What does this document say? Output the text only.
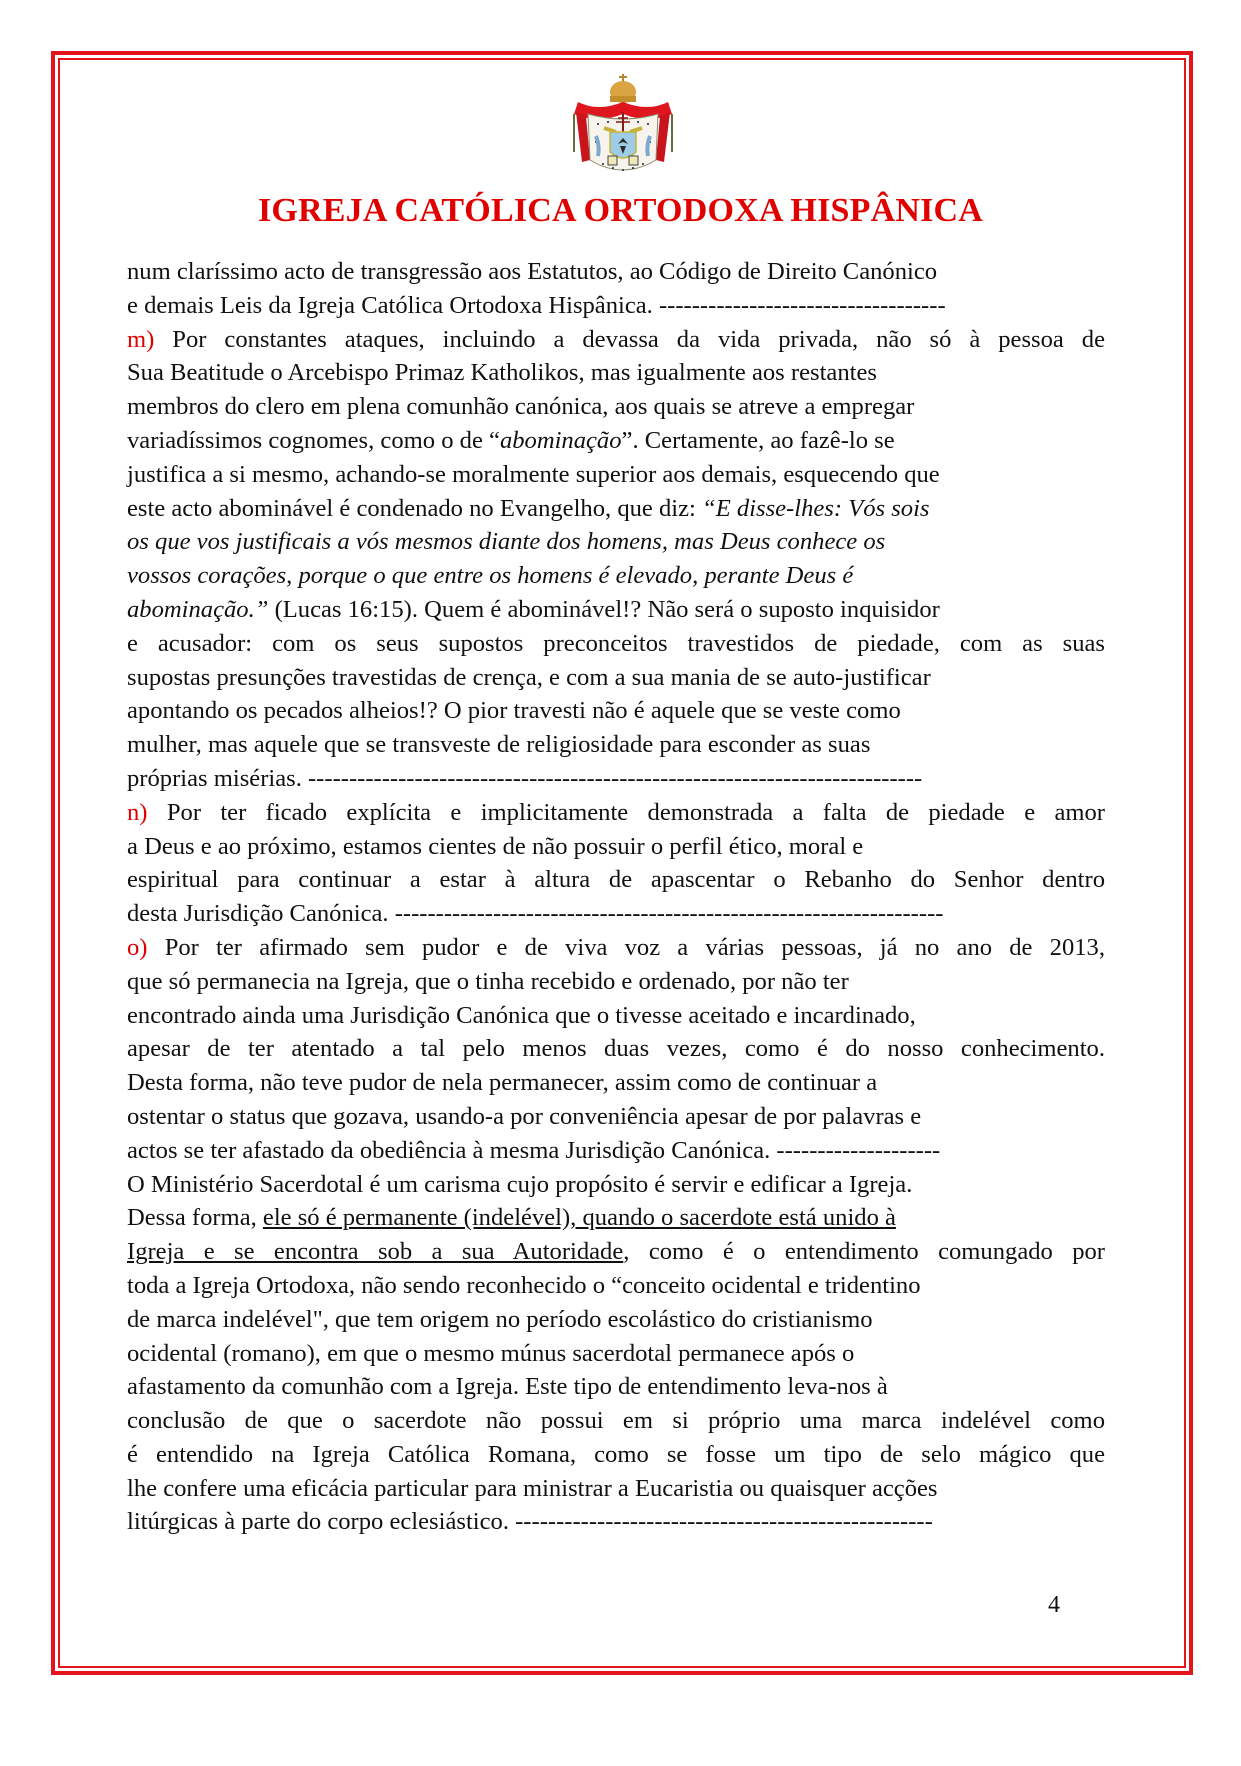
IGREJA CATÓLICA ORTODOXA HISPÂNICA
num claríssimo acto de transgressão aos Estatutos, ao Código de Direito Canónico
e demais Leis da Igreja Católica Ortodoxa Hispânica. -----------------------------------
m) Por constantes ataques, incluindo a devassa da vida privada, não só à pessoa de
Sua Beatitude o Arcebispo Primaz Katholikos, mas igualmente aos restantes
membros do clero em plena comunhão canónica, aos quais se atreve a empregar
variadíssimos cognomes, como o de “abominação”. Certamente, ao fazê-lo se
justifica a si mesmo, achando-se moralmente superior aos demais, esquecendo que
este acto abominável é condenado no Evangelho, que diz: “E disse-lhes: Vós sois
os que vos justificais a vós mesmos diante dos homens, mas Deus conhece os
vossos corações, porque o que entre os homens é elevado, perante Deus é
abominação.” (Lucas 16:15). Quem é abominável!? Não será o suposto inquisidor
e acusador: com os seus supostos preconceitos travestidos de piedade, com as suas
supostas presunções travestidas de crença, e com a sua mania de se auto-justificar
apontando os pecados alheios!? O pior travesti não é aquele que se veste como
mulher, mas aquele que se transveste de religiosidade para esconder as suas
próprias misérias. ---------------------------------------------------------------------------
n) Por ter ficado explícita e implicitamente demonstrada a falta de piedade e amor
a Deus e ao próximo, estamos cientes de não possuir o perfil ético, moral e
espiritual para continuar a estar à altura de apascentar o Rebanho do Senhor dentro
desta Jurisdição Canónica. -------------------------------------------------------------------
o) Por ter afirmado sem pudor e de viva voz a várias pessoas, já no ano de 2013,
que só permanecia na Igreja, que o tinha recebido e ordenado, por não ter
encontrado ainda uma Jurisdição Canónica que o tivesse aceitado e incardinado,
apesar de ter atentado a tal pelo menos duas vezes, como é do nosso conhecimento.
Desta forma, não teve pudor de nela permanecer, assim como de continuar a
ostentar o status que gozava, usando-a por conveniência apesar de por palavras e
actos se ter afastado da obediência à mesma Jurisdição Canónica. --------------------
O Ministério Sacerdotal é um carisma cujo propósito é servir e edificar a Igreja.
Dessa forma, ele só é permanente (indelével), quando o sacerdote está unido à
Igreja e se encontra sob a sua Autoridade, como é o entendimento comungado por
toda a Igreja Ortodoxa, não sendo reconhecido o “conceito ocidental e tridentino
de marca indelével", que tem origem no período escolástico do cristianismo
ocidental (romano), em que o mesmo múnus sacerdotal permanece após o
afastamento da comunhão com a Igreja. Este tipo de entendimento leva-nos à
conclusão de que o sacerdote não possui em si próprio uma marca indelével como
é entendido na Igreja Católica Romana, como se fosse um tipo de selo mágico que
lhe confere uma eficácia particular para ministrar a Eucaristia ou quaisquer acções
litúrgicas à parte do corpo eclesiástico. ---------------------------------------------------
4
